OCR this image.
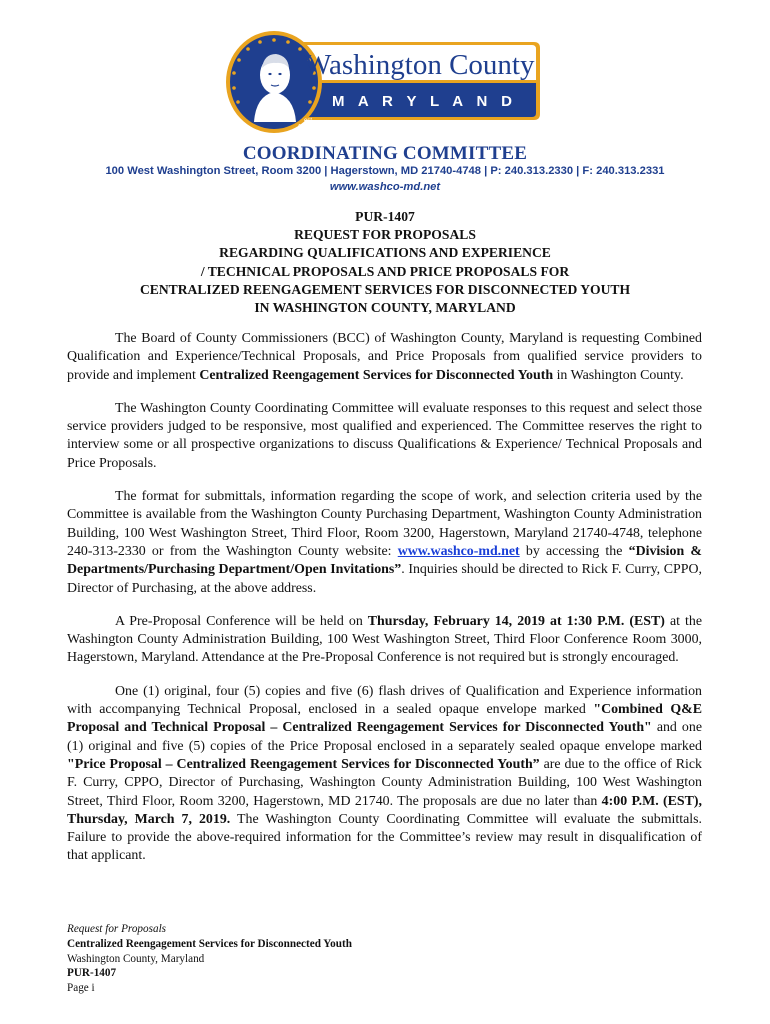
est.
1776
Washington County
M A R Y L A N D
COORDINATING COMMITTEE
100 West Washington Street, Room 3200 | Hagerstown, MD 21740-4748 | P: 240.313.2330 | F: 240.313.2331
www.washco-md.net
PUR-1407
REQUEST FOR PROPOSALS
REGARDING QUALIFICATIONS AND EXPERIENCE
/ TECHNICAL PROPOSALS AND PRICE PROPOSALS FOR
CENTRALIZED REENGAGEMENT SERVICES FOR DISCONNECTED YOUTH
IN WASHINGTON COUNTY, MARYLAND

The Board of County Commissioners (BCC) of Washington County, Maryland is requesting Combined Qualification and Experience/Technical Proposals, and Price Proposals from qualified service providers to provide and implement Centralized Reengagement Services for Disconnected Youth in Washington County.

The Washington County Coordinating Committee will evaluate responses to this request and select those service providers judged to be responsive, most qualified and experienced. The Committee reserves the right to interview some or all prospective organizations to discuss Qualifications & Experience/ Technical Proposals and Price Proposals.

The format for submittals, information regarding the scope of work, and selection criteria used by the Committee is available from the Washington County Purchasing Department, Washington County Administration Building, 100 West Washington Street, Third Floor, Room 3200, Hagerstown, Maryland 21740-4748, telephone 240-313-2330 or from the Washington County website: www.washco-md.net by accessing the “Division & Departments/Purchasing Department/Open Invitations”. Inquiries should be directed to Rick F. Curry, CPPO, Director of Purchasing, at the above address.

A Pre-Proposal Conference will be held on Thursday, February 14, 2019 at 1:30 P.M. (EST) at the Washington County Administration Building, 100 West Washington Street, Third Floor Conference Room 3000, Hagerstown, Maryland. Attendance at the Pre-Proposal Conference is not required but is strongly encouraged.

One (1) original, four (5) copies and five (6) flash drives of Qualification and Experience information with accompanying Technical Proposal, enclosed in a sealed opaque envelope marked "Combined Q&E Proposal and Technical Proposal – Centralized Reengagement Services for Disconnected Youth" and one (1) original and five (5) copies of the Price Proposal enclosed in a separately sealed opaque envelope marked "Price Proposal – Centralized Reengagement Services for Disconnected Youth” are due to the office of Rick F. Curry, CPPO, Director of Purchasing, Washington County Administration Building, 100 West Washington Street, Third Floor, Room 3200, Hagerstown, MD 21740. The proposals are due no later than 4:00 P.M. (EST), Thursday, March 7, 2019. The Washington County Coordinating Committee will evaluate the submittals. Failure to provide the above-required information for the Committee’s review may result in disqualification of that applicant.

Request for Proposals
Centralized Reengagement Services for Disconnected Youth
Washington County, Maryland
PUR-1407
Page i
